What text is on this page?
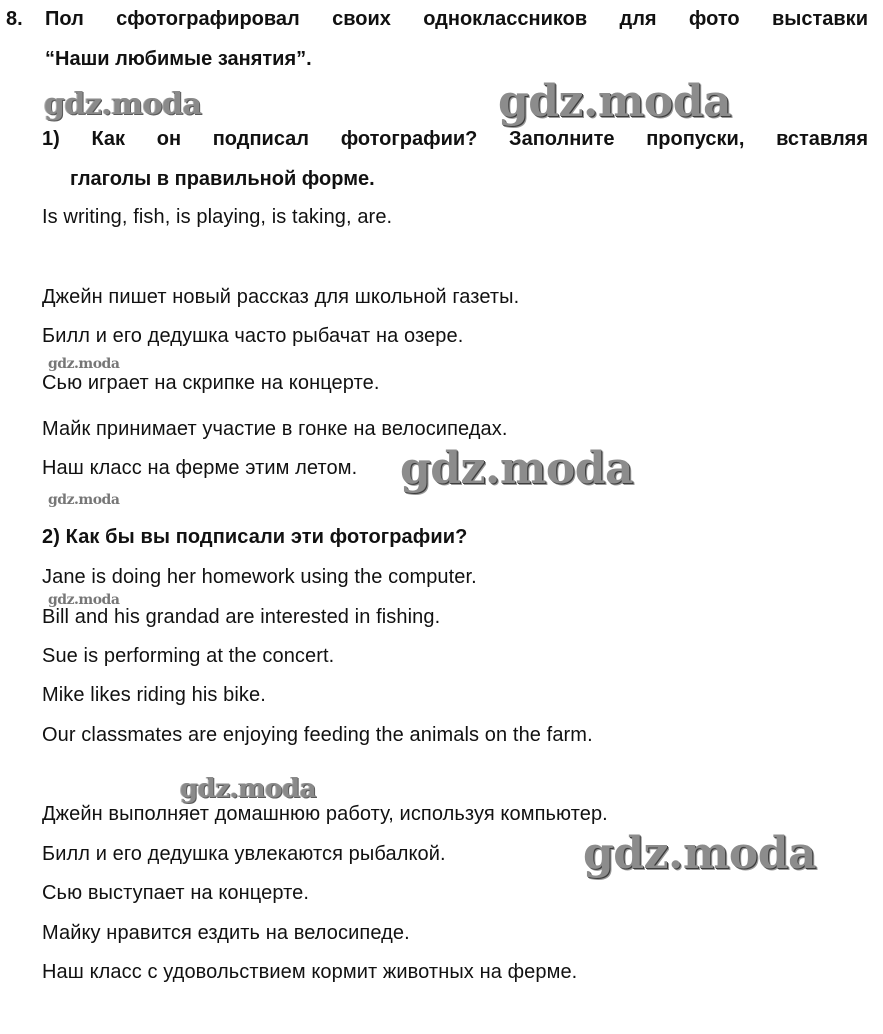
8. Пол сфотографировал своих одноклассников для фото выставки
“Наши любимые занятия”.
1) Как он подписал фотографии? Заполните пропуски, вставляя
глаголы в правильной форме.
Is writing, fish, is playing, is taking, are.
Джейн пишет новый рассказ для школьной газеты.
Билл и его дедушка часто рыбачат на озере.
Сью играет на скрипке на концерте.
Майк принимает участие в гонке на велосипедах.
Наш класс на ферме этим летом.
2) Как бы вы подписали эти фотографии?
Jane is doing her homework using the computer.
Bill and his grandad are interested in fishing.
Sue is performing at the concert.
Mike likes riding his bike.
Our classmates are enjoying feeding the animals on the farm.
Джейн выполняет домашнюю работу, используя компьютер.
Билл и его дедушка увлекаются рыбалкой.
Сью выступает на концерте.
Майку нравится ездить на велосипеде.
Наш класс с удовольствием кормит животных на ферме.
gdz.moda	gdz.moda
gdz.moda
gdz.moda
gdz.moda
gdz.moda
gdz.moda
gdz.moda
